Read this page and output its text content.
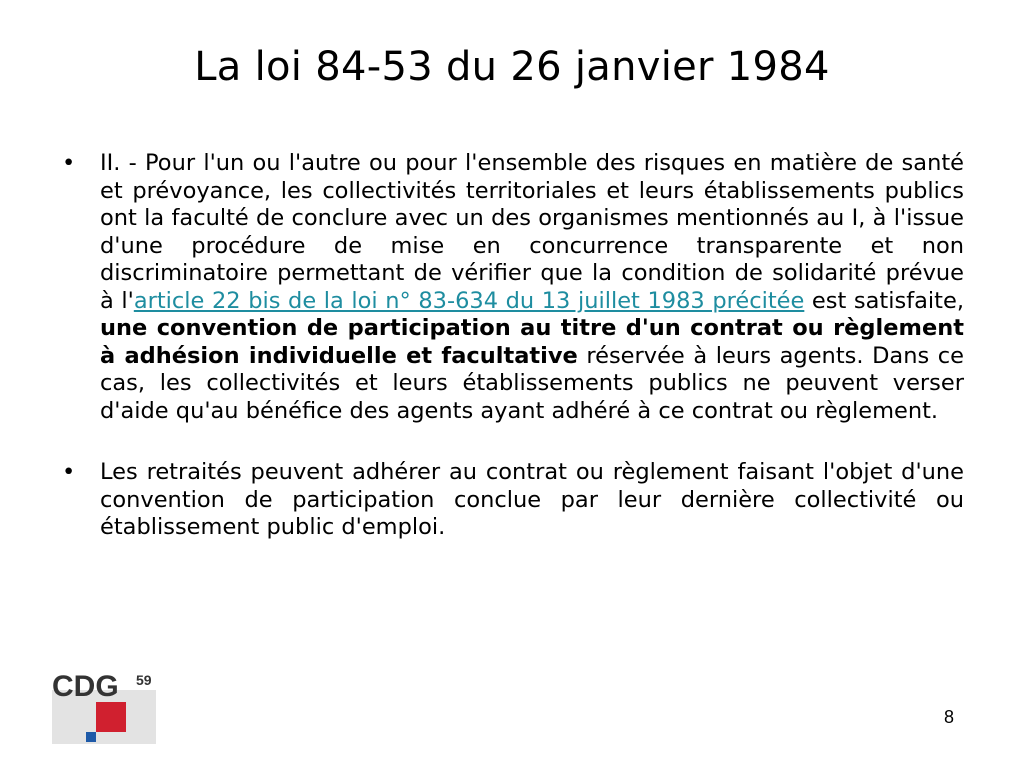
La loi 84-53 du 26 janvier 1984

• II. - Pour l'un ou l'autre ou pour l'ensemble des risques en matière de santé et prévoyance, les collectivités territoriales et leurs établissements publics ont la faculté de conclure avec un des organismes mentionnés au I, à l'issue d'une procédure de mise en concurrence transparente et non discriminatoire permettant de vérifier que la condition de solidarité prévue à l'article 22 bis de la loi n° 83-634 du 13 juillet 1983 précitée est satisfaite, une convention de participation au titre d'un contrat ou règlement à adhésion individuelle et facultative réservée à leurs agents. Dans ce cas, les collectivités et leurs établissements publics ne peuvent verser d'aide qu'au bénéfice des agents ayant adhéré à ce contrat ou règlement.

• Les retraités peuvent adhérer au contrat ou règlement faisant l'objet d'une convention de participation conclue par leur dernière collectivité ou établissement public d'emploi.

CDG 59
8
